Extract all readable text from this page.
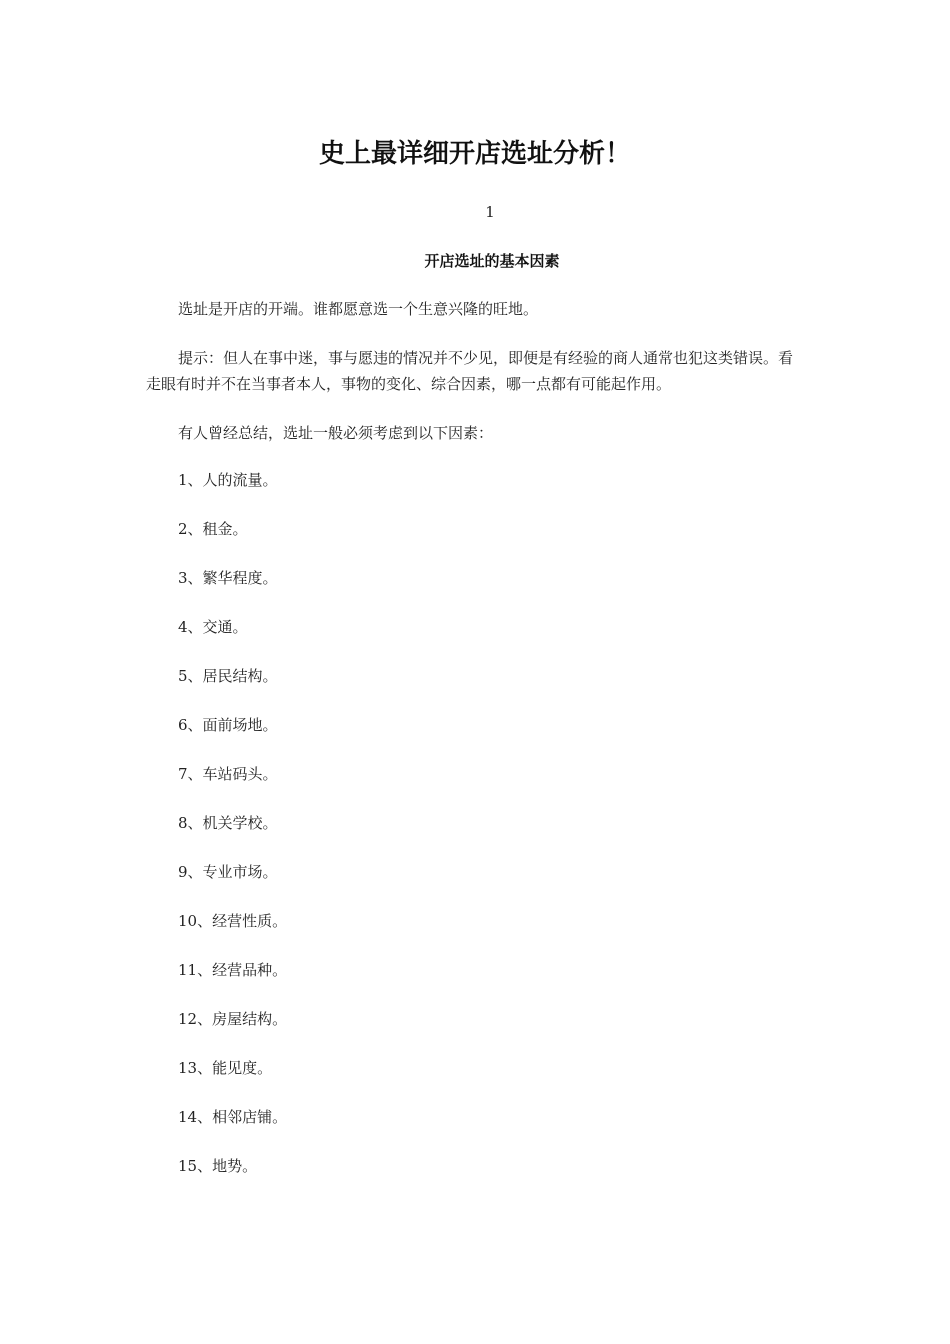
史上最详细开店选址分析！
1
开店选址的基本因素

选址是开店的开端。谁都愿意选一个生意兴隆的旺地。

提示：但人在事中迷，事与愿违的情况并不少见，即便是有经验的商人通常也犯这类错误。看走眼有时并不在当事者本人，事物的变化、综合因素，哪一点都有可能起作用。

有人曾经总结，选址一般必须考虑到以下因素：

1、人的流量。
2、租金。
3、繁华程度。
4、交通。
5、居民结构。
6、面前场地。
7、车站码头。
8、机关学校。
9、专业市场。
10、经营性质。
11、经营品种。
12、房屋结构。
13、能见度。
14、相邻店铺。
15、地势。
